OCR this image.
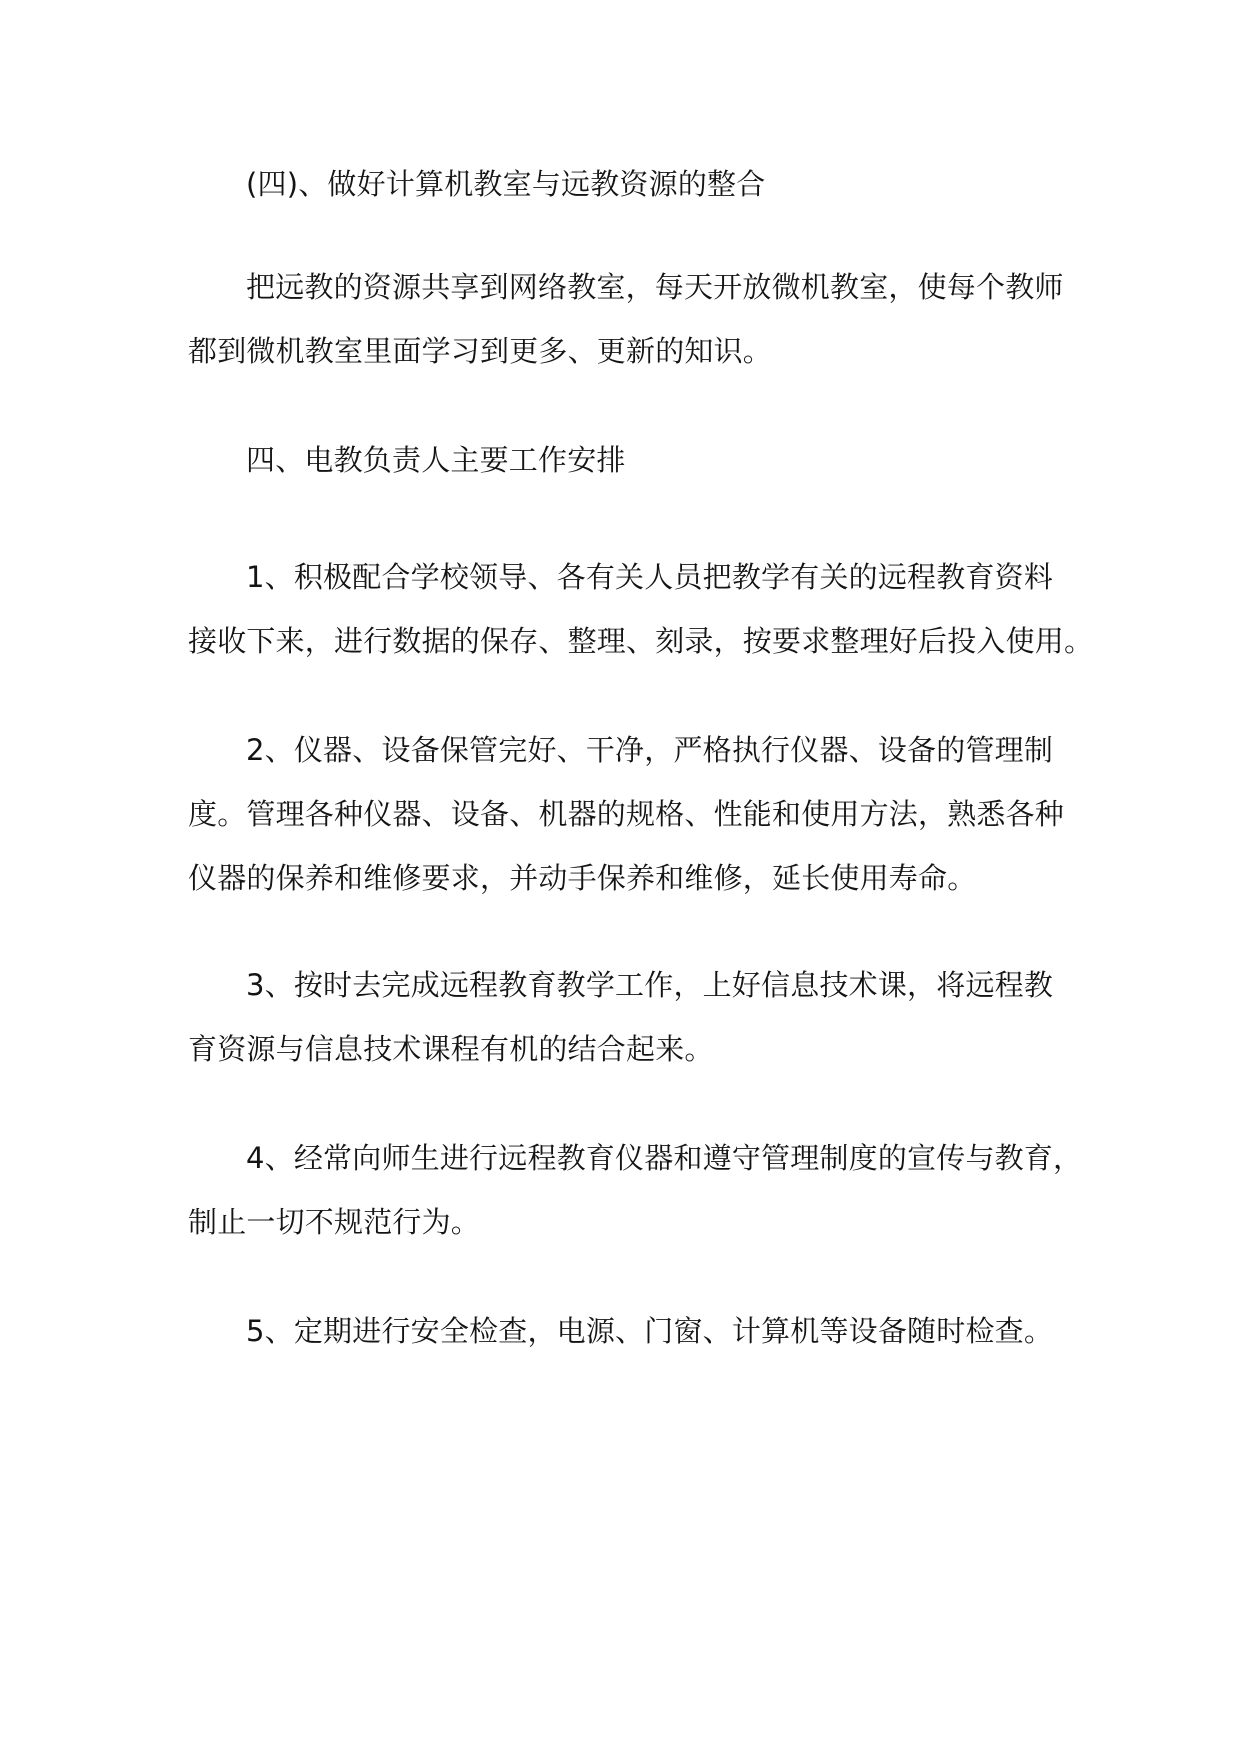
(四)、做好计算机教室与远教资源的整合

把远教的资源共享到网络教室，每天开放微机教室，使每个教师
都到微机教室里面学习到更多、更新的知识。

四、电教负责人主要工作安排

1、积极配合学校领导、各有关人员把教学有关的远程教育资料
接收下来，进行数据的保存、整理、刻录，按要求整理好后投入使用。

2、仪器、设备保管完好、干净，严格执行仪器、设备的管理制
度。管理各种仪器、设备、机器的规格、性能和使用方法，熟悉各种
仪器的保养和维修要求，并动手保养和维修，延长使用寿命。

3、按时去完成远程教育教学工作，上好信息技术课，将远程教
育资源与信息技术课程有机的结合起来。

4、经常向师生进行远程教育仪器和遵守管理制度的宣传与教育，
制止一切不规范行为。

5、定期进行安全检查，电源、门窗、计算机等设备随时检查。
